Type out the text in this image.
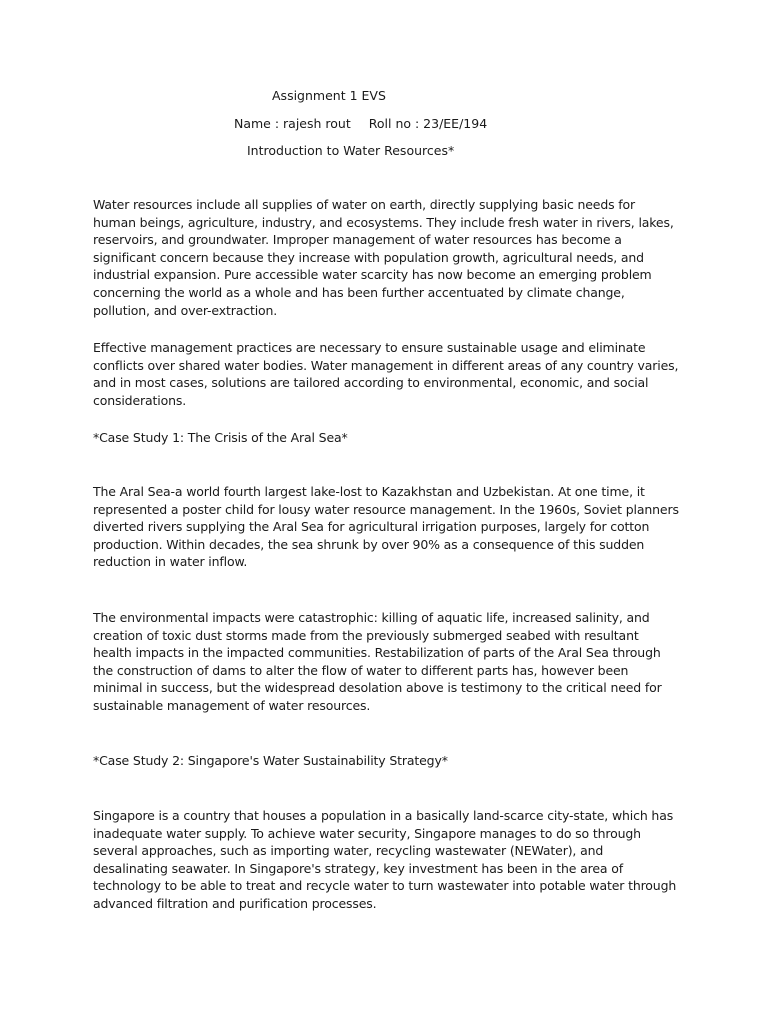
Assignment 1 EVS
Name : rajesh rout Roll no : 23/EE/194
Introduction to Water Resources*

Water resources include all supplies of water on earth, directly supplying basic needs for human beings, agriculture, industry, and ecosystems. They include fresh water in rivers, lakes, reservoirs, and groundwater. Improper management of water resources has become a significant concern because they increase with population growth, agricultural needs, and industrial expansion. Pure accessible water scarcity has now become an emerging problem concerning the world as a whole and has been further accentuated by climate change, pollution, and over-extraction.

Effective management practices are necessary to ensure sustainable usage and eliminate conflicts over shared water bodies. Water management in different areas of any country varies, and in most cases, solutions are tailored according to environmental, economic, and social considerations.

*Case Study 1: The Crisis of the Aral Sea*

The Aral Sea-a world fourth largest lake-lost to Kazakhstan and Uzbekistan. At one time, it represented a poster child for lousy water resource management. In the 1960s, Soviet planners diverted rivers supplying the Aral Sea for agricultural irrigation purposes, largely for cotton production. Within decades, the sea shrunk by over 90% as a consequence of this sudden reduction in water inflow.

The environmental impacts were catastrophic: killing of aquatic life, increased salinity, and creation of toxic dust storms made from the previously submerged seabed with resultant health impacts in the impacted communities. Restabilization of parts of the Aral Sea through the construction of dams to alter the flow of water to different parts has, however been minimal in success, but the widespread desolation above is testimony to the critical need for sustainable management of water resources.

*Case Study 2: Singapore's Water Sustainability Strategy*

Singapore is a country that houses a population in a basically land-scarce city-state, which has inadequate water supply. To achieve water security, Singapore manages to do so through several approaches, such as importing water, recycling wastewater (NEWater), and desalinating seawater. In Singapore's strategy, key investment has been in the area of technology to be able to treat and recycle water to turn wastewater into potable water through advanced filtration and purification processes.
